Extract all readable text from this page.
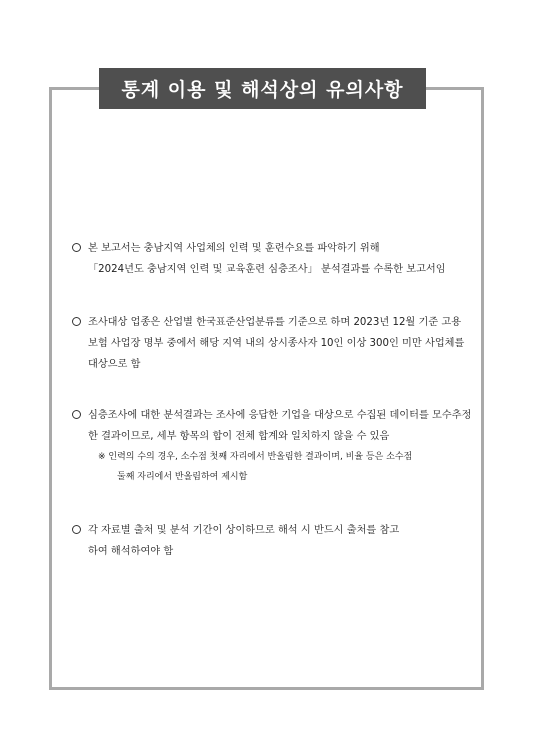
통계 이용 및 해석상의 유의사항
본 보고서는 충남지역 사업체의 인력 및 훈련수요를 파악하기 위해
「2024년도 충남지역 인력 및 교육훈련 심층조사」 분석결과를 수록한 보고서임
조사대상 업종은 산업별 한국표준산업분류를 기준으로 하며 2023년 12월 기준 고용
보험 사업장 명부 중에서 해당 지역 내의 상시종사자 10인 이상 300인 미만 사업체를
대상으로 함
심층조사에 대한 분석결과는 조사에 응답한 기업을 대상으로 수집된 데이터를 모수추정
한 결과이므로, 세부 항목의 합이 전체 합계와 일치하지 않을 수 있음
※ 인력의 수의 경우, 소수점 첫째 자리에서 반올림한 결과이며, 비율 등은 소수점
둘째 자리에서 반올림하여 제시함
각 자료별 출처 및 분석 기간이 상이하므로 해석 시 반드시 출처를 참고
하여 해석하여야 함
